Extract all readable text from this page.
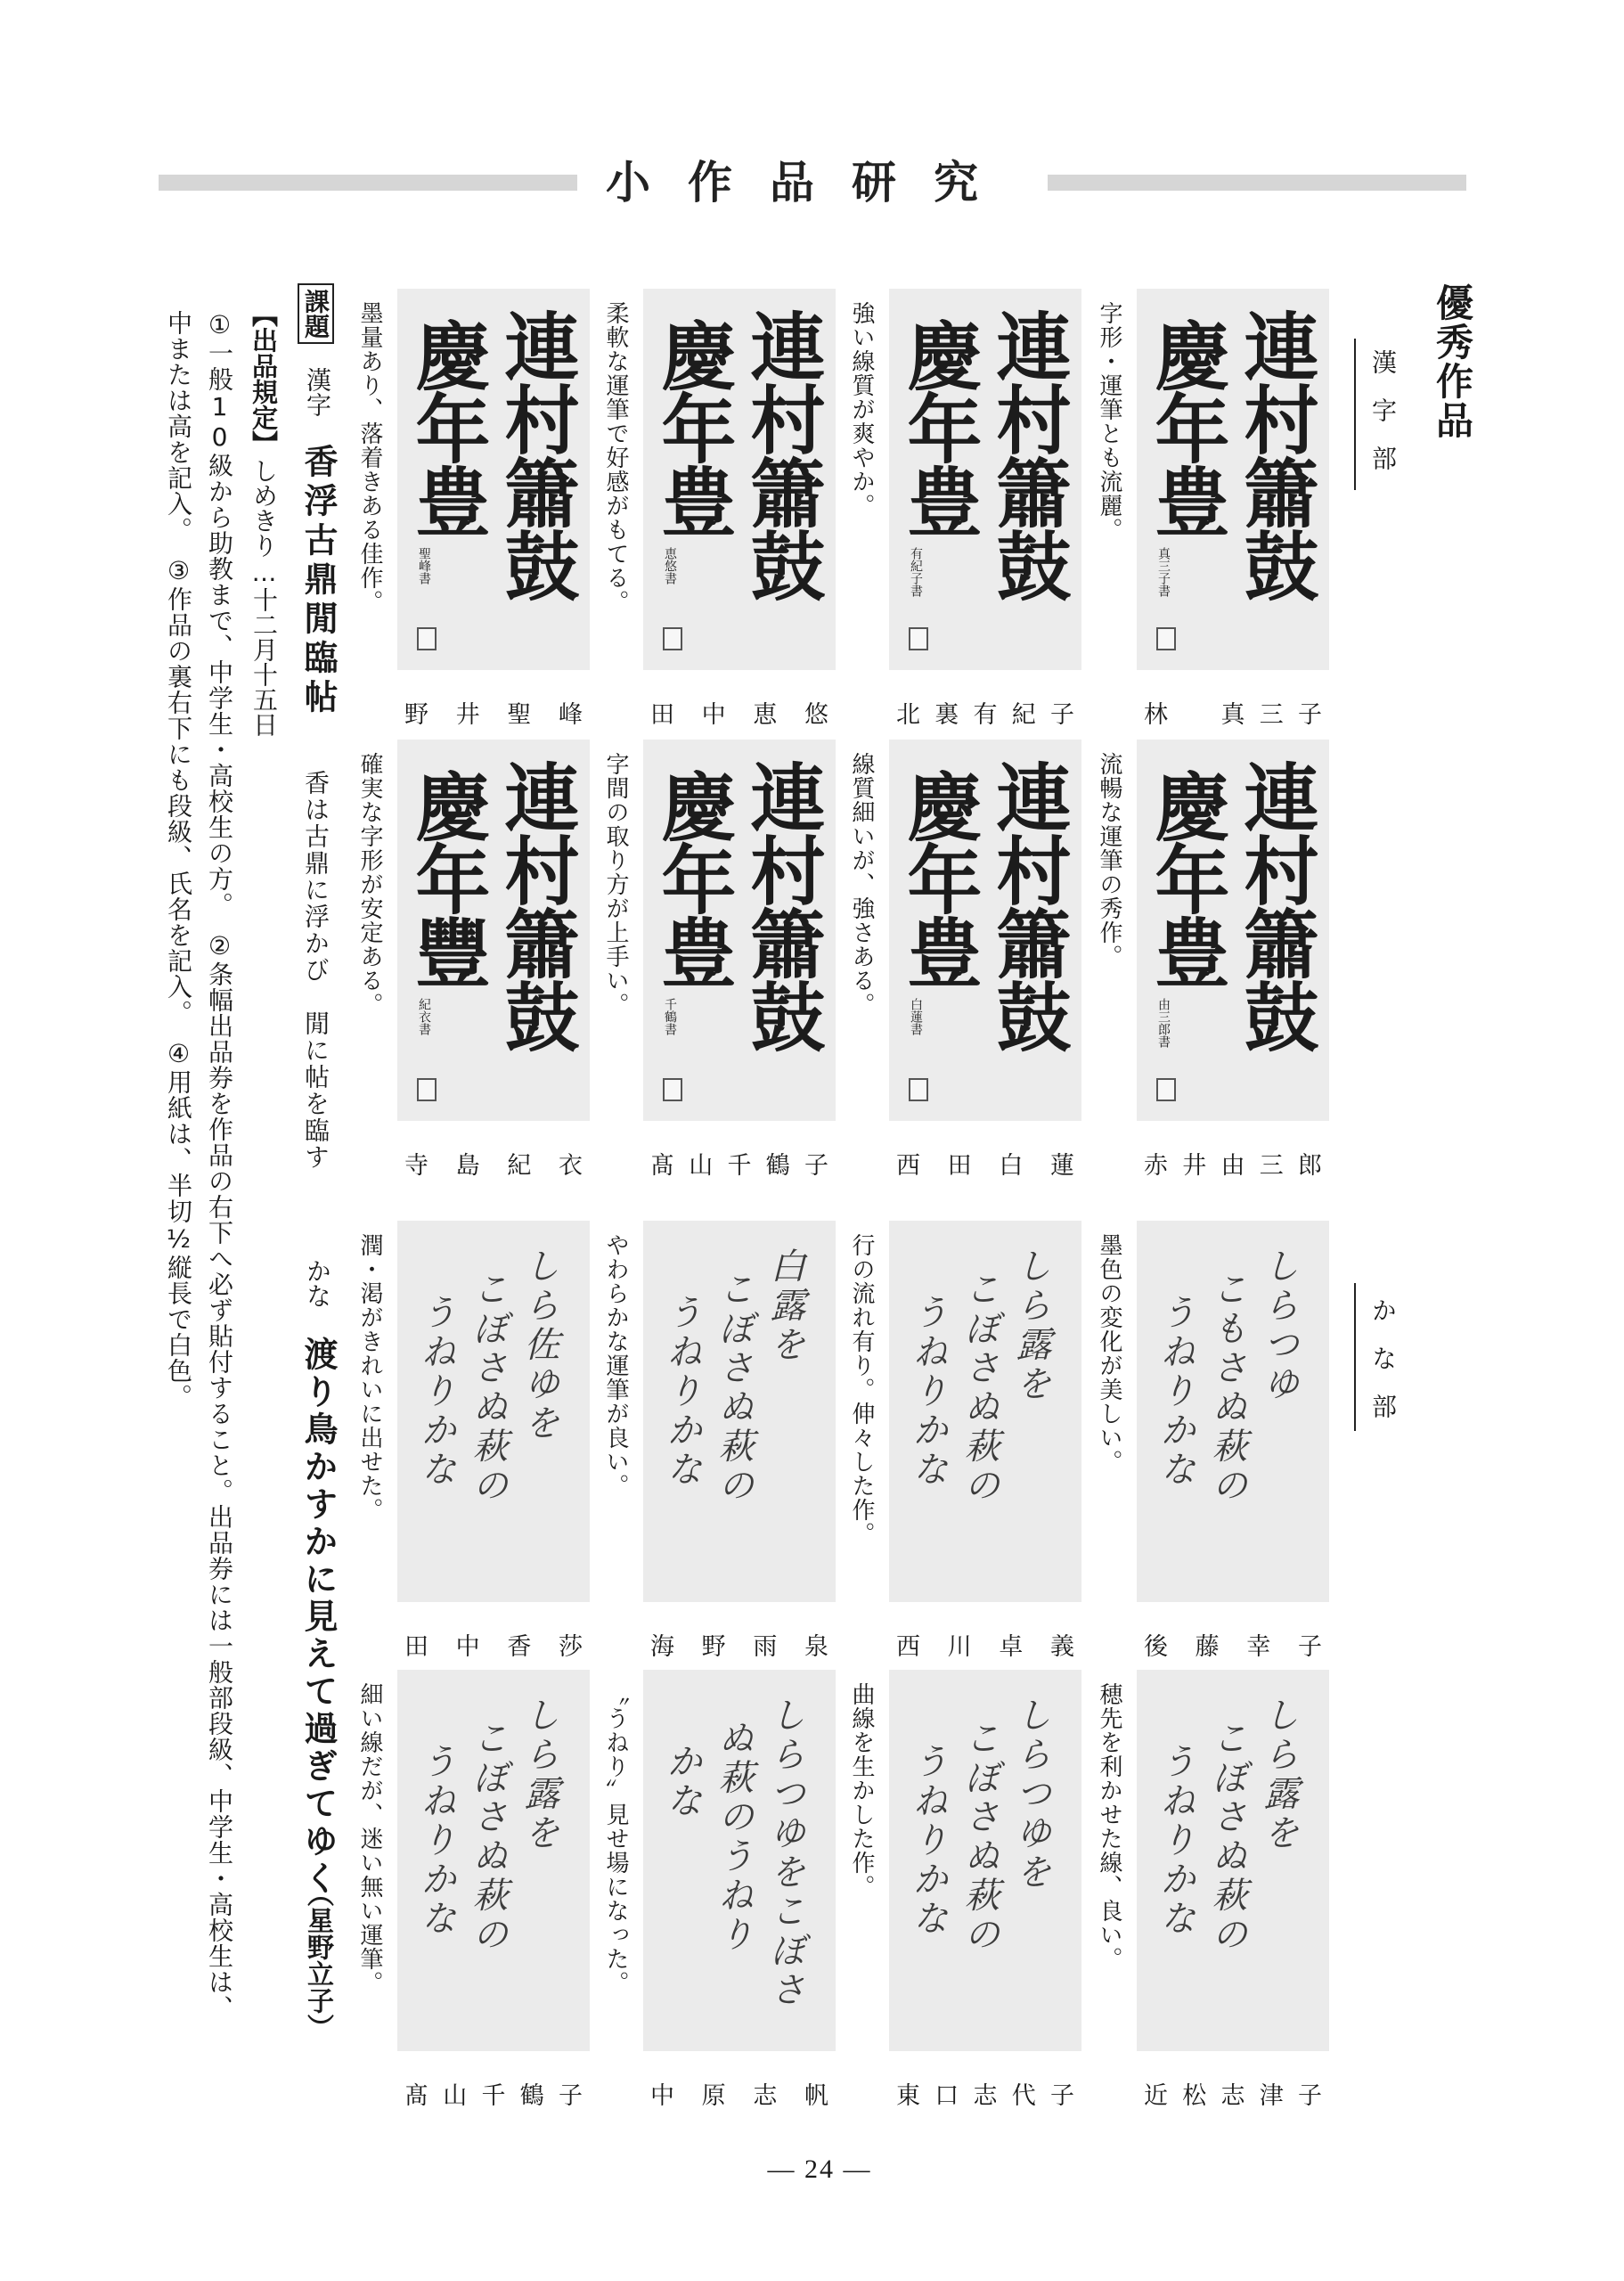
小作品研究
優秀作品
漢字部
かな部
連村簫鼓
慶年豊
真三子書
字形・運筆とも流麗。
林　真三子
連村簫鼓
慶年豊
有紀子書
強い線質が爽やか。
北裏有紀子
連村簫鼓
慶年豊
恵悠書
柔軟な運筆で好感がもてる。
田中恵悠
連村簫鼓
慶年豊
聖峰書
墨量あり、落着きある佳作。
野井聖峰
連村簫鼓
慶年豊
由三郎書
流暢な運筆の秀作。
赤井由三郎
連村簫鼓
慶年豊
白蓮書
線質細いが、強さある。
西田白蓮
連村簫鼓
慶年豊
千鶴書
字間の取り方が上手い。
髙山千鶴子
連村簫鼓
慶年豐
紀衣書
確実な字形が安定ある。
寺島紀衣
しらつゆ
こもさぬ萩の
うねりかな
墨色の変化が美しい。
後藤幸子
しら露を
こぼさぬ萩の
うねりかな
行の流れ有り。伸々した作。
西川卓義
白露を
こぼさぬ萩の
うねりかな
やわらかな運筆が良い。
海野雨泉
しら佐ゆを
こぼさぬ萩の
うねりかな
潤・渇がきれいに出せた。
田中香莎
しら露を
こぼさぬ萩の
うねりかな
穂先を利かせた線、良い。
近松志津子
しらつゆを
こぼさぬ萩の
うねりかな
曲線を生かした作。
東口志代子
しらつゆをこぼさ
ぬ萩のうねり
かな
〝うねり〟見せ場になった。
中原志帆
しら露を
こぼさぬ萩の
うねりかな
細い線だが、迷い無い運筆。
髙山千鶴子
課題
漢字
香浮古鼎閒臨帖
香は古鼎に浮かび　閒に帖を臨す
かな
渡り鳥かすかに見えて過ぎてゆく
（星野立子）
【出品規定】
しめきり…十二月十五日
①一般10級から助教まで、中学生・高校生の方。　②条幅出品券を作品の右下へ必ず貼付すること。出品券には一般部段級、中学生・高校生は、
中または高を記入。　③作品の裏右下にも段級、氏名を記入。　④用紙は、半切½縦長で白色。
— 24 —
